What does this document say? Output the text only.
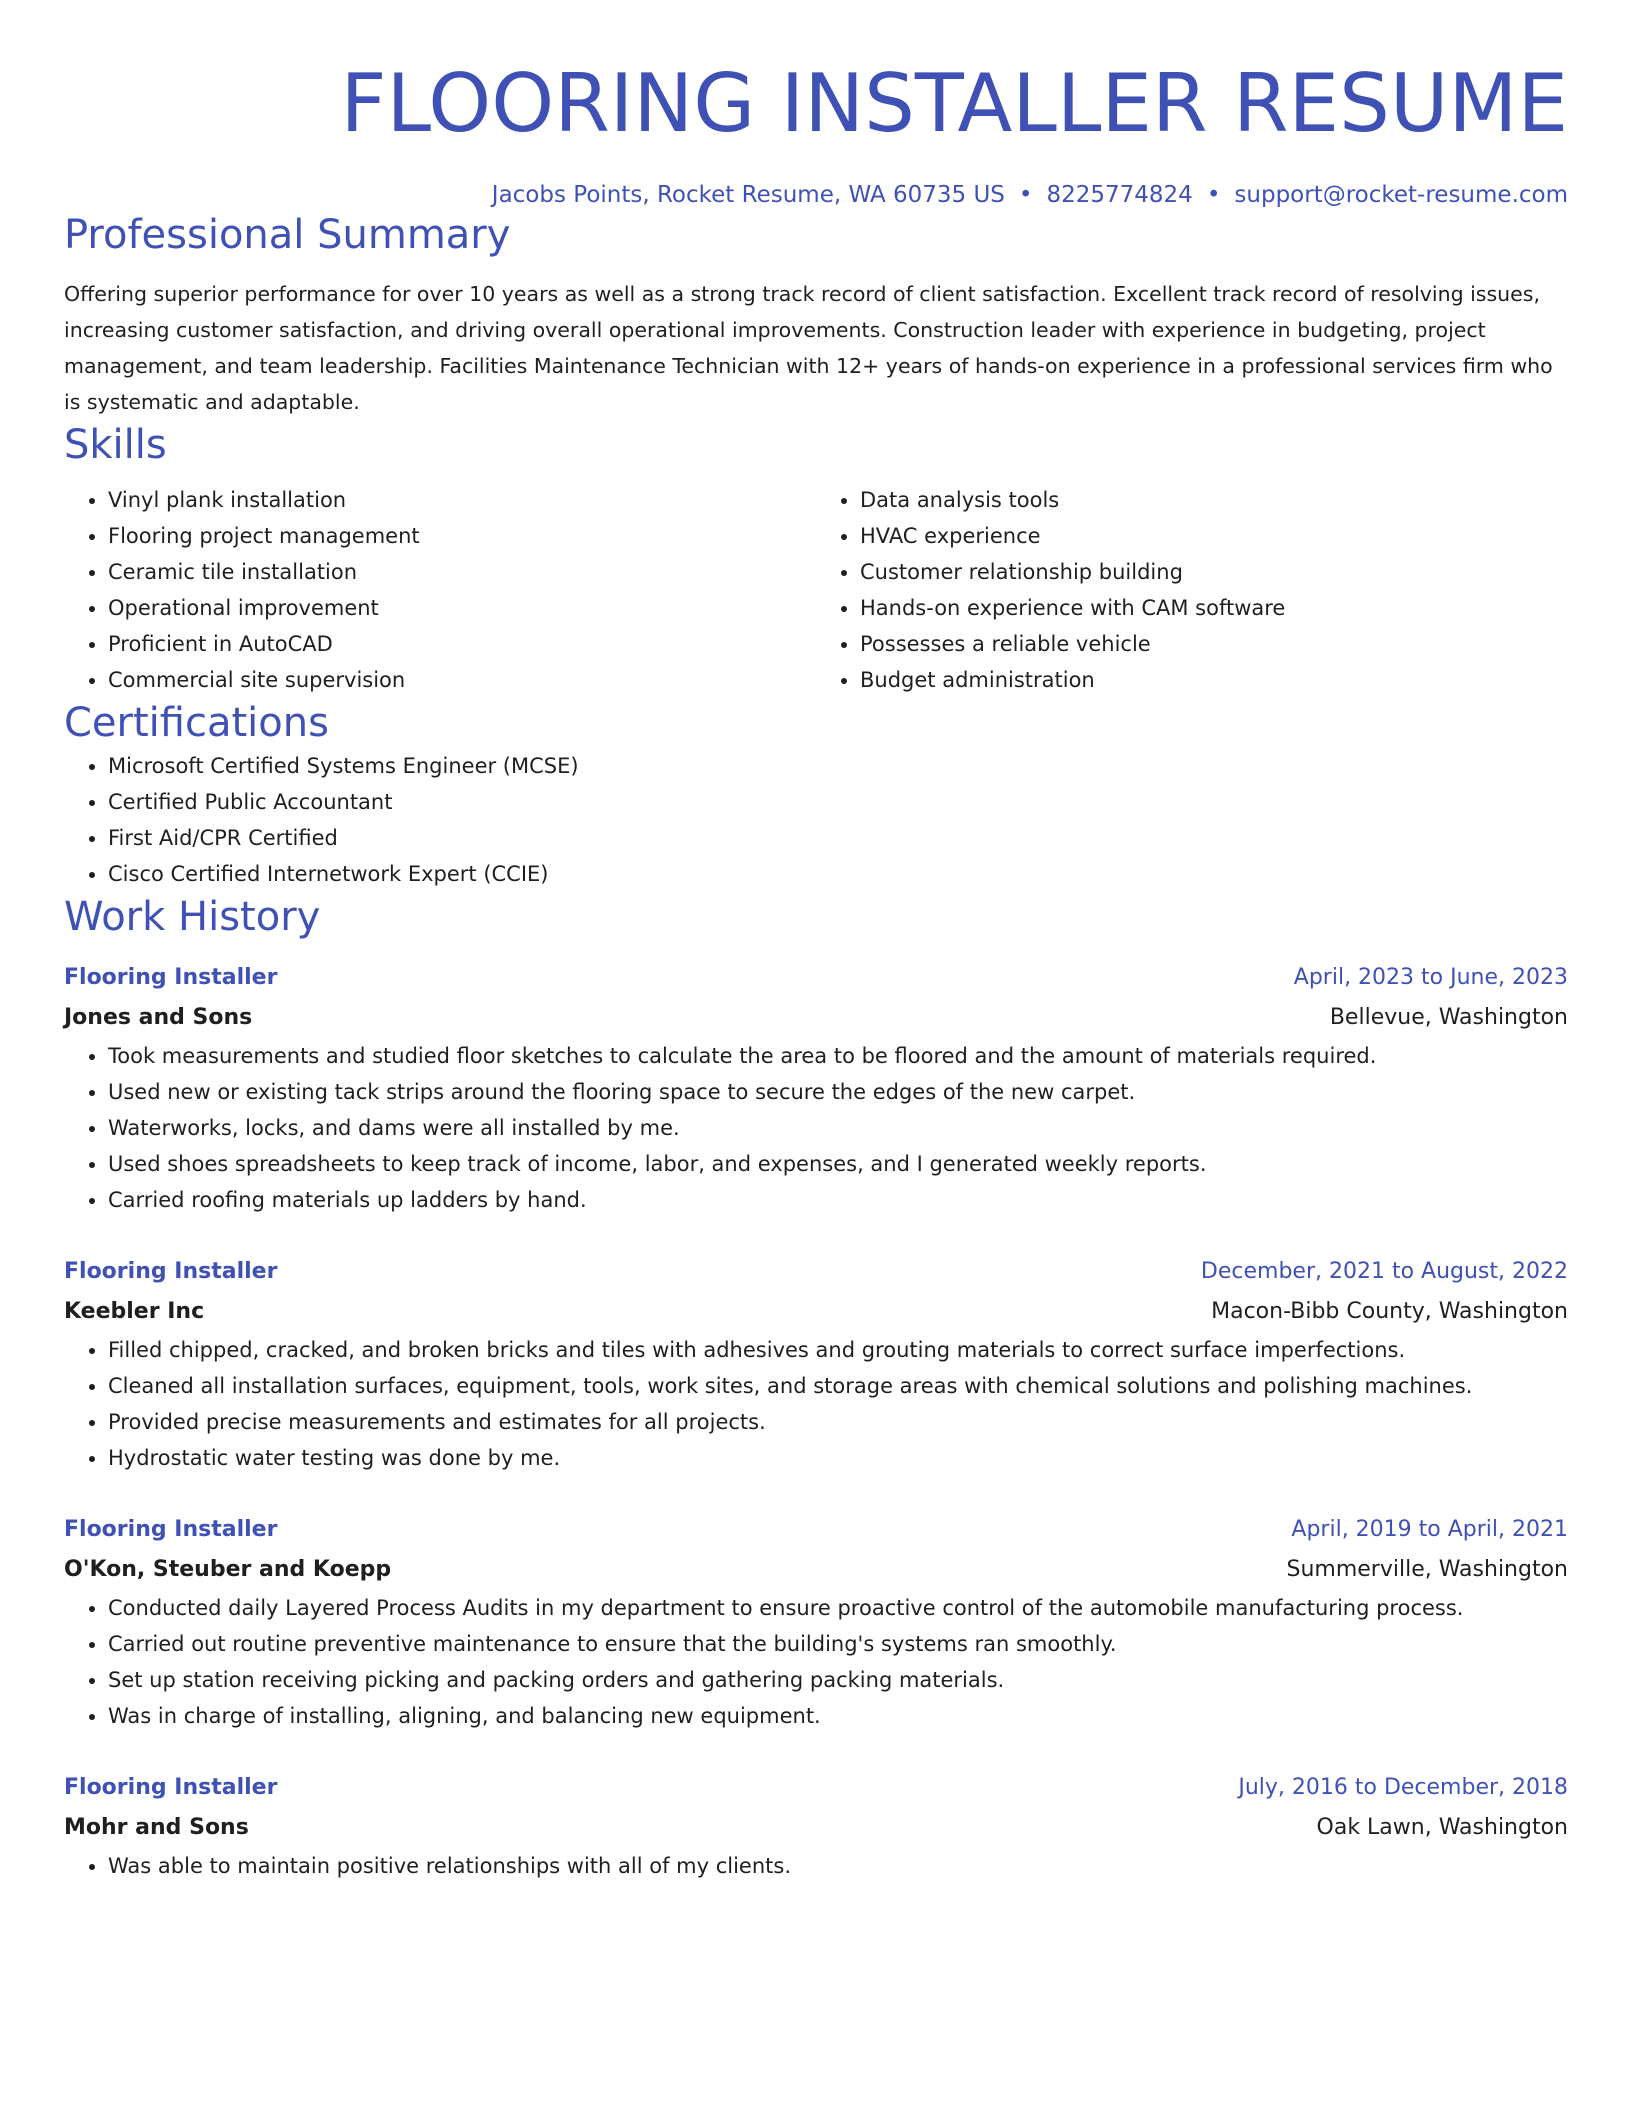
FLOORING INSTALLER RESUME
Jacobs Points, Rocket Resume, WA 60735 US • 8225774824 • support@rocket-resume.com
Professional Summary
Offering superior performance for over 10 years as well as a strong track record of client satisfaction. Excellent track record of resolving issues, increasing customer satisfaction, and driving overall operational improvements. Construction leader with experience in budgeting, project management, and team leadership. Facilities Maintenance Technician with 12+ years of hands-on experience in a professional services firm who is systematic and adaptable.
Skills
• Vinyl plank installation
• Flooring project management
• Ceramic tile installation
• Operational improvement
• Proficient in AutoCAD
• Commercial site supervision
• Data analysis tools
• HVAC experience
• Customer relationship building
• Hands-on experience with CAM software
• Possesses a reliable vehicle
• Budget administration
Certifications
• Microsoft Certified Systems Engineer (MCSE)
• Certified Public Accountant
• First Aid/CPR Certified
• Cisco Certified Internetwork Expert (CCIE)
Work History
Flooring Installer	April, 2023 to June, 2023
Jones and Sons	Bellevue, Washington
• Took measurements and studied floor sketches to calculate the area to be floored and the amount of materials required.
• Used new or existing tack strips around the flooring space to secure the edges of the new carpet.
• Waterworks, locks, and dams were all installed by me.
• Used shoes spreadsheets to keep track of income, labor, and expenses, and I generated weekly reports.
• Carried roofing materials up ladders by hand.
Flooring Installer	December, 2021 to August, 2022
Keebler Inc	Macon-Bibb County, Washington
• Filled chipped, cracked, and broken bricks and tiles with adhesives and grouting materials to correct surface imperfections.
• Cleaned all installation surfaces, equipment, tools, work sites, and storage areas with chemical solutions and polishing machines.
• Provided precise measurements and estimates for all projects.
• Hydrostatic water testing was done by me.
Flooring Installer	April, 2019 to April, 2021
O'Kon, Steuber and Koepp	Summerville, Washington
• Conducted daily Layered Process Audits in my department to ensure proactive control of the automobile manufacturing process.
• Carried out routine preventive maintenance to ensure that the building's systems ran smoothly.
• Set up station receiving picking and packing orders and gathering packing materials.
• Was in charge of installing, aligning, and balancing new equipment.
Flooring Installer	July, 2016 to December, 2018
Mohr and Sons	Oak Lawn, Washington
• Was able to maintain positive relationships with all of my clients.
